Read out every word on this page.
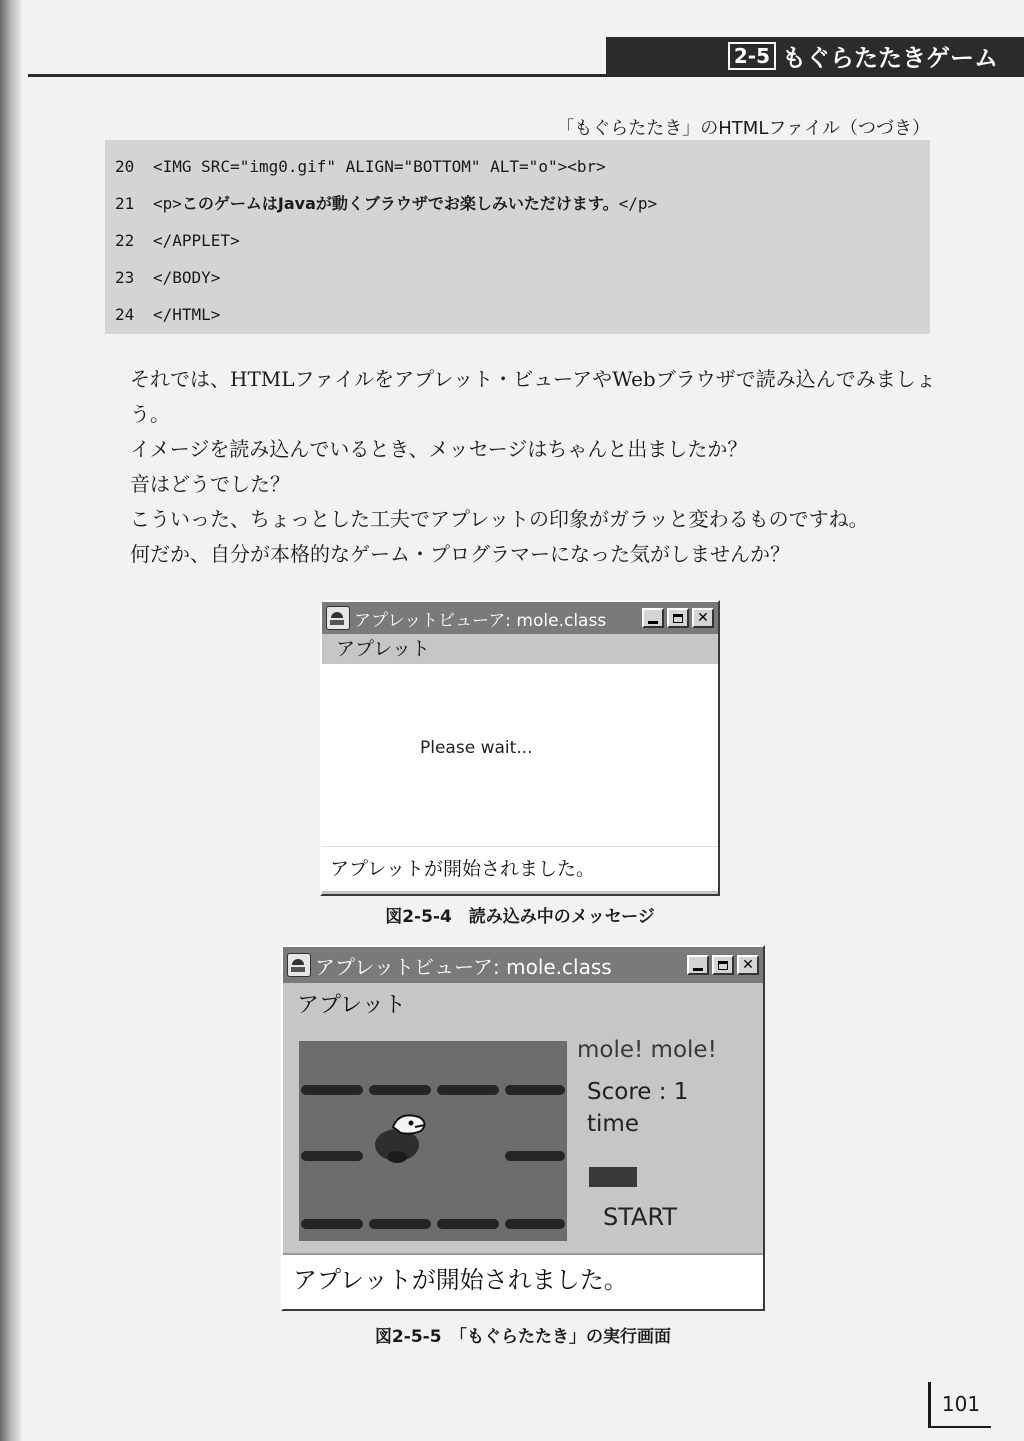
2-5 もぐらたたきゲーム
「もぐらたたき」のHTMLファイル（つづき）
20 <IMG SRC="img0.gif" ALIGN="BOTTOM" ALT="o"><br>
21 <p>このゲームはJavaが動くブラウザでお楽しみいただけます。</p>
22 </APPLET>
23 </BODY>
24 </HTML>

それでは、HTMLファイルをアプレット・ビューアやWebブラウザで読み込んでみましょう。

イメージを読み込んでいるとき、メッセージはちゃんと出ましたか？

音はどうでした？

こういった、ちょっとした工夫でアプレットの印象がガラッと変わるものですね。

何だか、自分が本格的なゲーム・プログラマーになった気がしませんか？

アプレットビューア: mole.class	✕
アプレット
Please wait...
アプレットが開始されました。
図2-5-4　読み込み中のメッセージ
アプレットビューア: mole.class	✕
アプレット
mole! mole!
Score : 1
time
START
アプレットが開始されました。
図2-5-5　「もぐらたたき」の実行画面
101
